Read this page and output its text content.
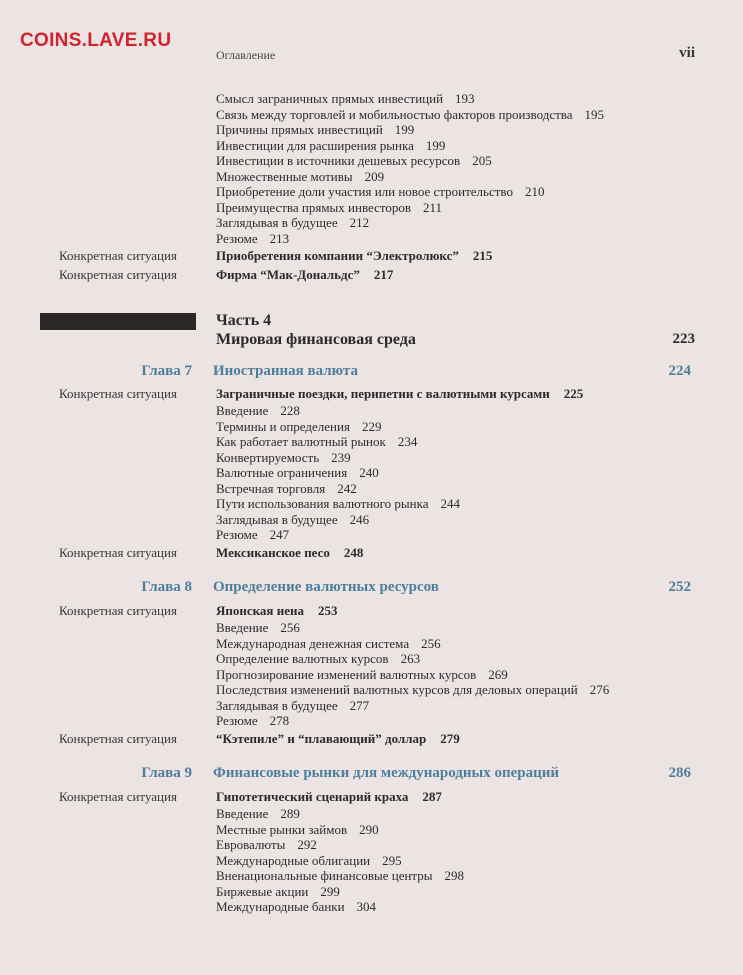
COINS.LAVE.RU
Оглавление	vii
Смысл заграничных прямых инвестиций 193
Связь между торговлей и мобильностью факторов производства 195
Причины прямых инвестиций 199
Инвестиции для расширения рынка 199
Инвестиции в источники дешевых ресурсов 205
Множественные мотивы 209
Приобретение доли участия или новое строительство 210
Преимущества прямых инвесторов 211
Заглядывая в будущее 212
Резюме 213
Конкретная ситуация	Приобретения компании “Электролюкс” 215
Конкретная ситуация	Фирма “Мак-Дональдс” 217
Часть 4
Мировая финансовая среда	223
Глава 7 Иностранная валюта	224
Конкретная ситуация	Заграничные поездки, перипетии с валютными курсами 225
Введение 228
Термины и определения 229
Как работает валютный рынок 234
Конвертируемость 239
Валютные ограничения 240
Встречная торговля 242
Пути использования валютного рынка 244
Заглядывая в будущее 246
Резюме 247
Конкретная ситуация	Мексиканское песо 248
Глава 8 Определение валютных ресурсов	252
Конкретная ситуация	Японская иена 253
Введение 256
Международная денежная система 256
Определение валютных курсов 263
Прогнозирование изменений валютных курсов 269
Последствия изменений валютных курсов для деловых операций 276
Заглядывая в будущее 277
Резюме 278
Конкретная ситуация	“Кэтепиле” и “плавающий” доллар 279
Глава 9 Финансовые рынки для международных операций	286
Конкретная ситуация	Гипотетический сценарий краха 287
Введение 289
Местные рынки займов 290
Евровалюты 292
Международные облигации 295
Вненациональные финансовые центры 298
Биржевые акции 299
Международные банки 304
